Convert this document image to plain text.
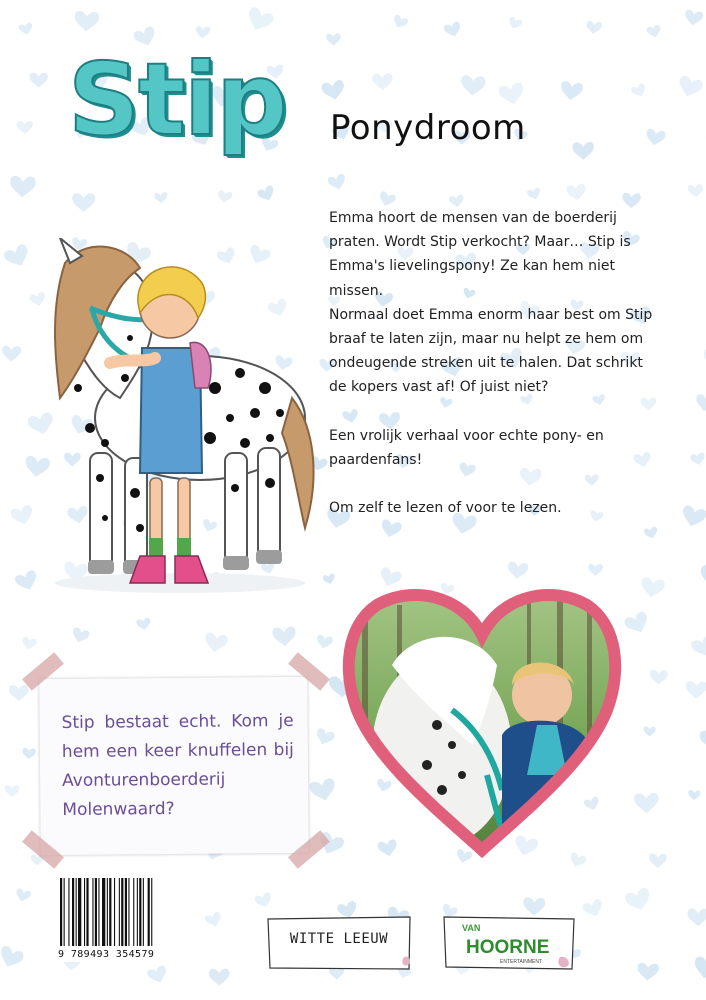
Stip Ponydroom

Emma hoort de mensen van de boerderij praten. Wordt Stip verkocht? Maar… Stip is Emma's lievelingspony! Ze kan hem niet missen.

Normaal doet Emma enorm haar best om Stip braaf te laten zijn, maar nu helpt ze hem om ondeugende streken uit te halen. Dat schrikt de kopers vast af! Of juist niet?

Een vrolijk verhaal voor echte pony- en paardenfans!

Om zelf te lezen of voor te lezen.

Stip bestaat echt. Kom je hem een keer knuffelen bij Avonturenboerderij Molenwaard?
9 789493 354579
WITTE LEEUW
VAN
HOORNE
ENTERTAINMENT
